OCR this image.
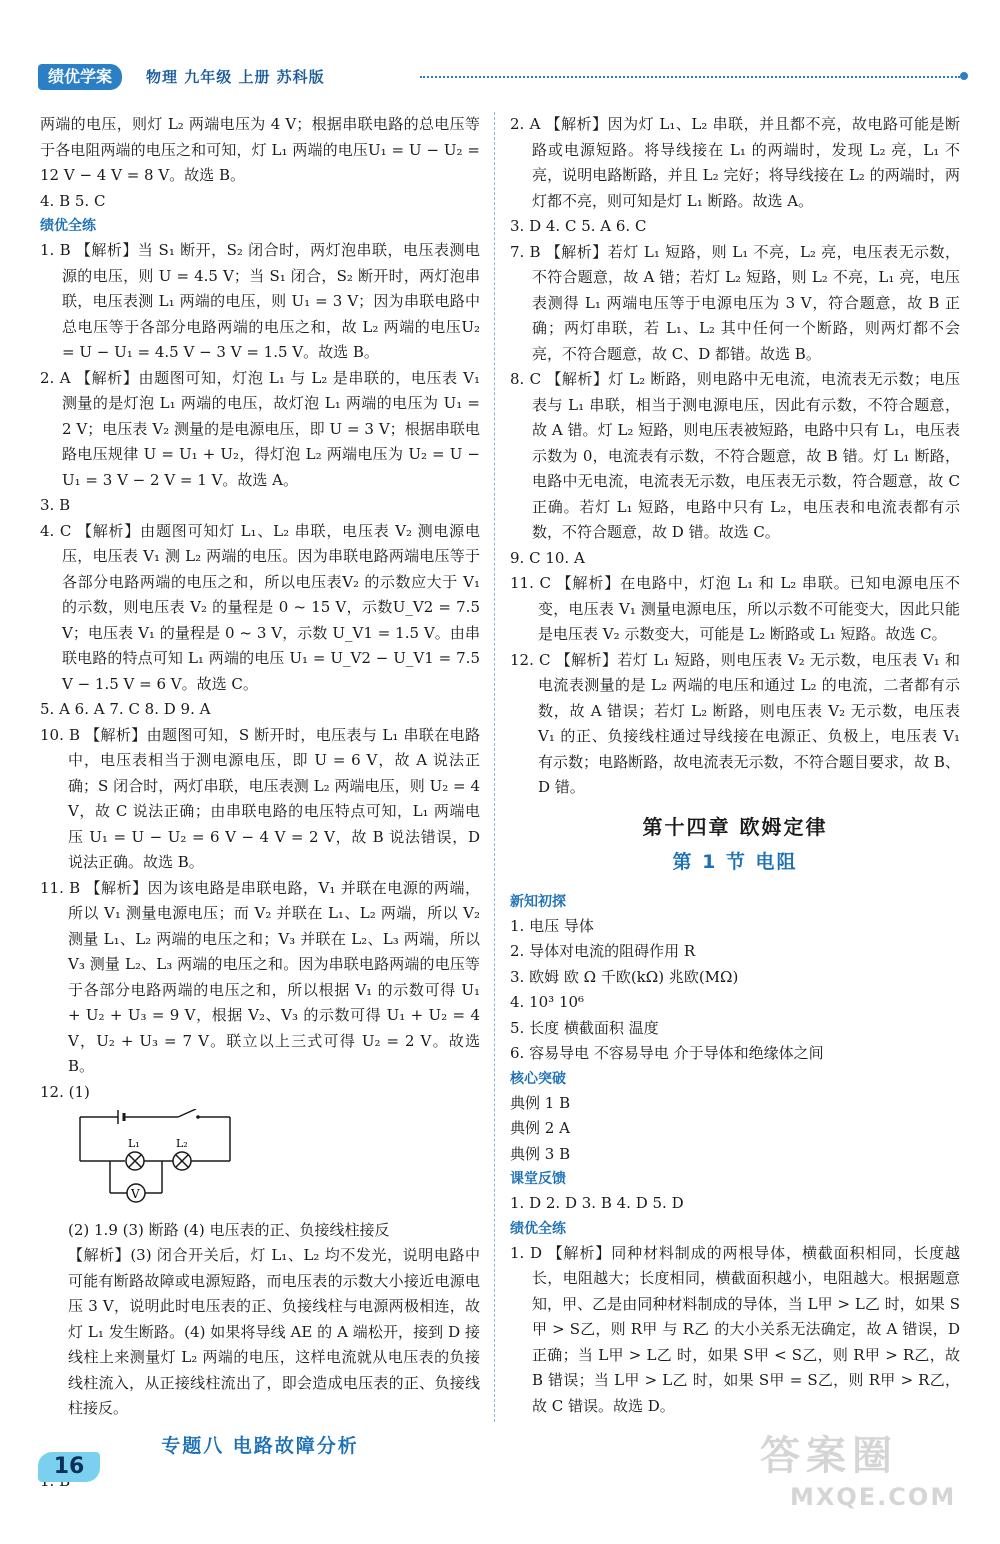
绩优学案	物理 九年级 上册 苏科版

两端的电压，则灯 L₂ 两端电压为 4 V；根据串联电路的总电压等于各电阻两端的电压之和可知，灯 L₁ 两端的电压U₁ = U − U₂ = 12 V − 4 V = 8 V。故选 B。

4. B 5. C

绩优全练

1. B 【解析】当 S₁ 断开，S₂ 闭合时，两灯泡串联，电压表测电源的电压，则 U = 4.5 V；当 S₁ 闭合，S₂ 断开时，两灯泡串联，电压表测 L₁ 两端的电压，则 U₁ = 3 V；因为串联电路中总电压等于各部分电路两端的电压之和，故 L₂ 两端的电压U₂ = U − U₁ = 4.5 V − 3 V = 1.5 V。故选 B。

2. A 【解析】由题图可知，灯泡 L₁ 与 L₂ 是串联的，电压表 V₁ 测量的是灯泡 L₁ 两端的电压，故灯泡 L₁ 两端的电压为 U₁ = 2 V；电压表 V₂ 测量的是电源电压，即 U = 3 V；根据串联电路电压规律 U = U₁ + U₂，得灯泡 L₂ 两端电压为 U₂ = U − U₁ = 3 V − 2 V = 1 V。故选 A。

3. B

4. C 【解析】由题图可知灯 L₁、L₂ 串联，电压表 V₂ 测电源电压，电压表 V₁ 测 L₂ 两端的电压。因为串联电路两端电压等于各部分电路两端的电压之和，所以电压表V₂ 的示数应大于 V₁ 的示数，则电压表 V₂ 的量程是 0 ~ 15 V，示数U_V2 = 7.5 V；电压表 V₁ 的量程是 0 ~ 3 V，示数 U_V1 = 1.5 V。由串联电路的特点可知 L₁ 两端的电压 U₁ = U_V2 − U_V1 = 7.5 V − 1.5 V = 6 V。故选 C。

5. A 6. A 7. C 8. D 9. A

10. B 【解析】由题图可知，S 断开时，电压表与 L₁ 串联在电路中，电压表相当于测电源电压，即 U = 6 V，故 A 说法正确；S 闭合时，两灯串联，电压表测 L₂ 两端电压，则 U₂ = 4 V，故 C 说法正确；由串联电路的电压特点可知，L₁ 两端电压 U₁ = U − U₂ = 6 V − 4 V = 2 V，故 B 说法错误，D 说法正确。故选 B。

11. B 【解析】因为该电路是串联电路，V₁ 并联在电源的两端，所以 V₁ 测量电源电压；而 V₂ 并联在 L₁、L₂ 两端，所以 V₂ 测量 L₁、L₂ 两端的电压之和；V₃ 并联在 L₂、L₃ 两端，所以 V₃ 测量 L₂、L₃ 两端的电压之和。因为串联电路两端的电压等于各部分电路两端的电压之和，所以根据 V₁ 的示数可得 U₁ + U₂ + U₃ = 9 V，根据 V₂、V₃ 的示数可得 U₁ + U₂ = 4 V，U₂ + U₃ = 7 V。联立以上三式可得 U₂ = 2 V。故选 B。

12. (1)

L₁	L₂
V

(2) 1.9 (3) 断路 (4) 电压表的正、负接线柱接反

【解析】(3) 闭合开关后，灯 L₁、L₂ 均不发光，说明电路中可能有断路故障或电源短路，而电压表的示数大小接近电源电压 3 V，说明此时电压表的正、负接线柱与电源两极相连，故灯 L₁ 发生断路。(4) 如果将导线 AE 的 A 端松开，接到 D 接线柱上来测量灯 L₂ 两端的电压，这样电流就从电压表的负接线柱流入，从正接线柱流出了，即会造成电压表的正、负接线柱接反。

专题八 电路故障分析

2. A 【解析】因为灯 L₁、L₂ 串联，并且都不亮，故电路可能是断路或电源短路。将导线接在 L₁ 的两端时，发现 L₂ 亮，L₁ 不亮，说明电路断路，并且 L₂ 完好；将导线接在 L₂ 的两端时，两灯都不亮，则可知是灯 L₁ 断路。故选 A。

3. D 4. C 5. A 6. C

7. B 【解析】若灯 L₁ 短路，则 L₁ 不亮，L₂ 亮，电压表无示数，不符合题意，故 A 错；若灯 L₂ 短路，则 L₂ 不亮，L₁ 亮，电压表测得 L₁ 两端电压等于电源电压为 3 V，符合题意，故 B 正确；两灯串联，若 L₁、L₂ 其中任何一个断路，则两灯都不会亮，不符合题意，故 C、D 都错。故选 B。

8. C 【解析】灯 L₂ 断路，则电路中无电流，电流表无示数；电压表与 L₁ 串联，相当于测电源电压，因此有示数，不符合题意，故 A 错。灯 L₂ 短路，则电压表被短路，电路中只有 L₁，电压表示数为 0，电流表有示数，不符合题意，故 B 错。灯 L₁ 断路，电路中无电流，电流表无示数，电压表无示数，符合题意，故 C 正确。若灯 L₁ 短路，电路中只有 L₂，电压表和电流表都有示数，不符合题意，故 D 错。故选 C。

9. C 10. A

11. C 【解析】在电路中，灯泡 L₁ 和 L₂ 串联。已知电源电压不变，电压表 V₁ 测量电源电压，所以示数不可能变大，因此只能是电压表 V₂ 示数变大，可能是 L₂ 断路或 L₁ 短路。故选 C。

12. C 【解析】若灯 L₁ 短路，则电压表 V₂ 无示数，电压表 V₁ 和电流表测量的是 L₂ 两端的电压和通过 L₂ 的电流，二者都有示数，故 A 错误；若灯 L₂ 断路，则电压表 V₂ 无示数，电压表 V₁ 的正、负接线柱通过导线接在电源正、负极上，电压表 V₁ 有示数；电路断路，故电流表无示数，不符合题目要求，故 B、D 错。

第十四章 欧姆定律

第 1 节 电阻

新知初探

1. 电压 导体

2. 导体对电流的阻碍作用 R

3. 欧姆 欧 Ω 千欧(kΩ) 兆欧(MΩ)

4. 10³ 10⁶

5. 长度 横截面积 温度

6. 容易导电 不容易导电 介于导体和绝缘体之间

核心突破

典例 1 B

典例 2 A

典例 3 B

课堂反馈

1. D 2. D 3. B 4. D 5. D

绩优全练

1. D 【解析】同种材料制成的两根导体，横截面积相同，长度越长，电阻越大；长度相同，横截面积越小，电阻越大。根据题意知，甲、乙是由同种材料制成的导体，当 L甲 > L乙 时，如果 S甲 > S乙，则 R甲 与 R乙 的大小关系无法确定，故 A 错误，D 正确；当 L甲 > L乙 时，如果 S甲 < S乙，则 R甲 > R乙，故 B 错误；当 L甲 > L乙 时，如果 S甲 = S乙，则 R甲 > R乙，故 C 错误。故选 D。

16	答案圈
MXQE.COM
